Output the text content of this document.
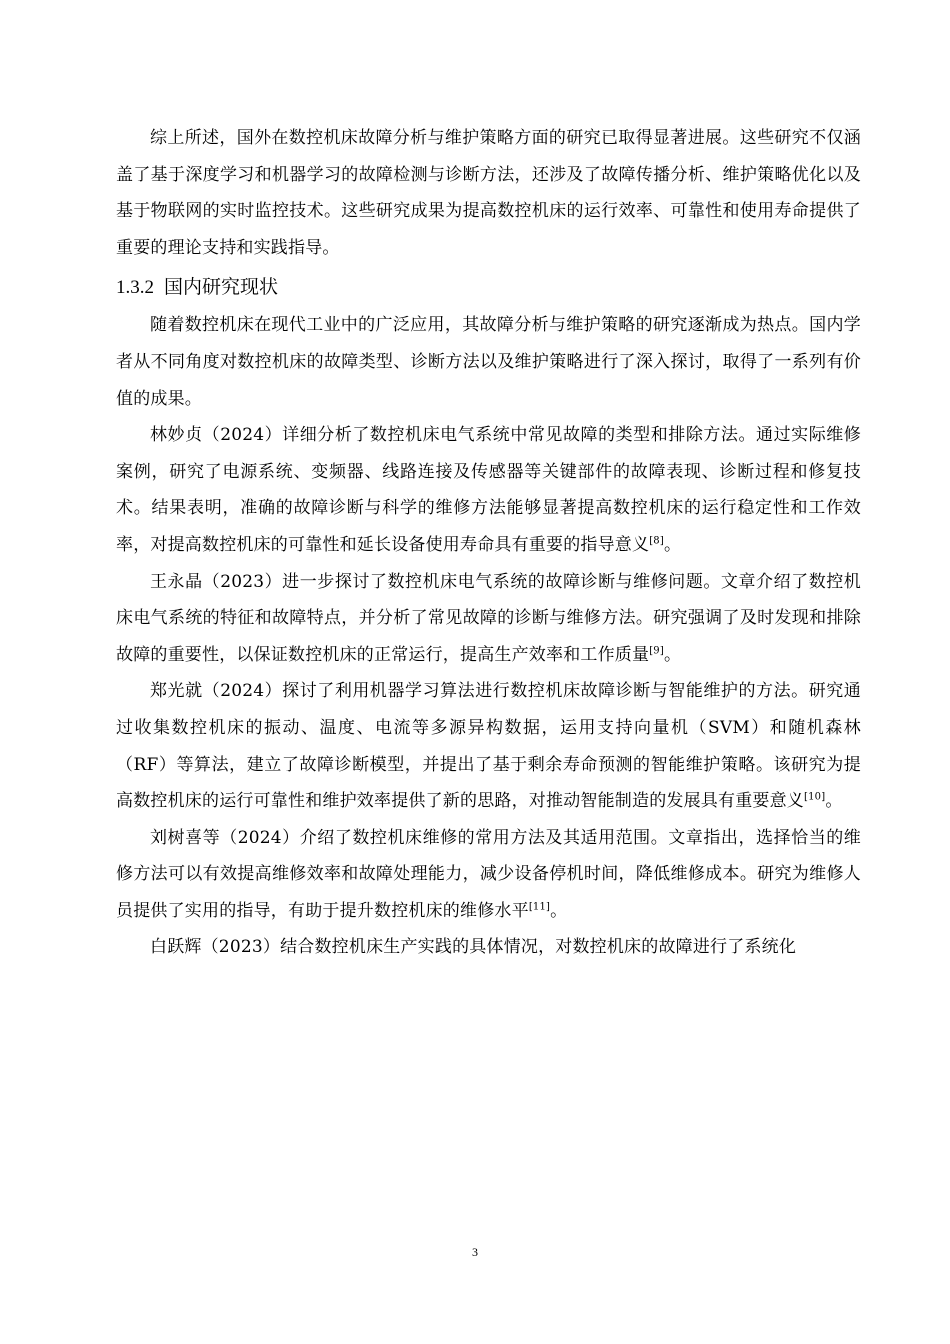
综上所述，国外在数控机床故障分析与维护策略方面的研究已取得显著进展。这些研究不仅涵盖了基于深度学习和机器学习的故障检测与诊断方法，还涉及了故障传播分析、维护策略优化以及基于物联网的实时监控技术。这些研究成果为提高数控机床的运行效率、可靠性和使用寿命提供了重要的理论支持和实践指导。

1.3.2 国内研究现状

随着数控机床在现代工业中的广泛应用，其故障分析与维护策略的研究逐渐成为热点。国内学者从不同角度对数控机床的故障类型、诊断方法以及维护策略进行了深入探讨，取得了一系列有价值的成果。

林妙贞（2024）详细分析了数控机床电气系统中常见故障的类型和排除方法。通过实际维修案例，研究了电源系统、变频器、线路连接及传感器等关键部件的故障表现、诊断过程和修复技术。结果表明，准确的故障诊断与科学的维修方法能够显著提高数控机床的运行稳定性和工作效率，对提高数控机床的可靠性和延长设备使用寿命具有重要的指导意义[8]。

王永晶（2023）进一步探讨了数控机床电气系统的故障诊断与维修问题。文章介绍了数控机床电气系统的特征和故障特点，并分析了常见故障的诊断与维修方法。研究强调了及时发现和排除故障的重要性，以保证数控机床的正常运行，提高生产效率和工作质量[9]。

郑光就（2024）探讨了利用机器学习算法进行数控机床故障诊断与智能维护的方法。研究通过收集数控机床的振动、温度、电流等多源异构数据，运用支持向量机（SVM）和随机森林（RF）等算法，建立了故障诊断模型，并提出了基于剩余寿命预测的智能维护策略。该研究为提高数控机床的运行可靠性和维护效率提供了新的思路，对推动智能制造的发展具有重要意义[10]。

刘树喜等（2024）介绍了数控机床维修的常用方法及其适用范围。文章指出，选择恰当的维修方法可以有效提高维修效率和故障处理能力，减少设备停机时间，降低维修成本。研究为维修人员提供了实用的指导，有助于提升数控机床的维修水平[11]。

白跃辉（2023）结合数控机床生产实践的具体情况，对数控机床的故障进行了系统化

3
